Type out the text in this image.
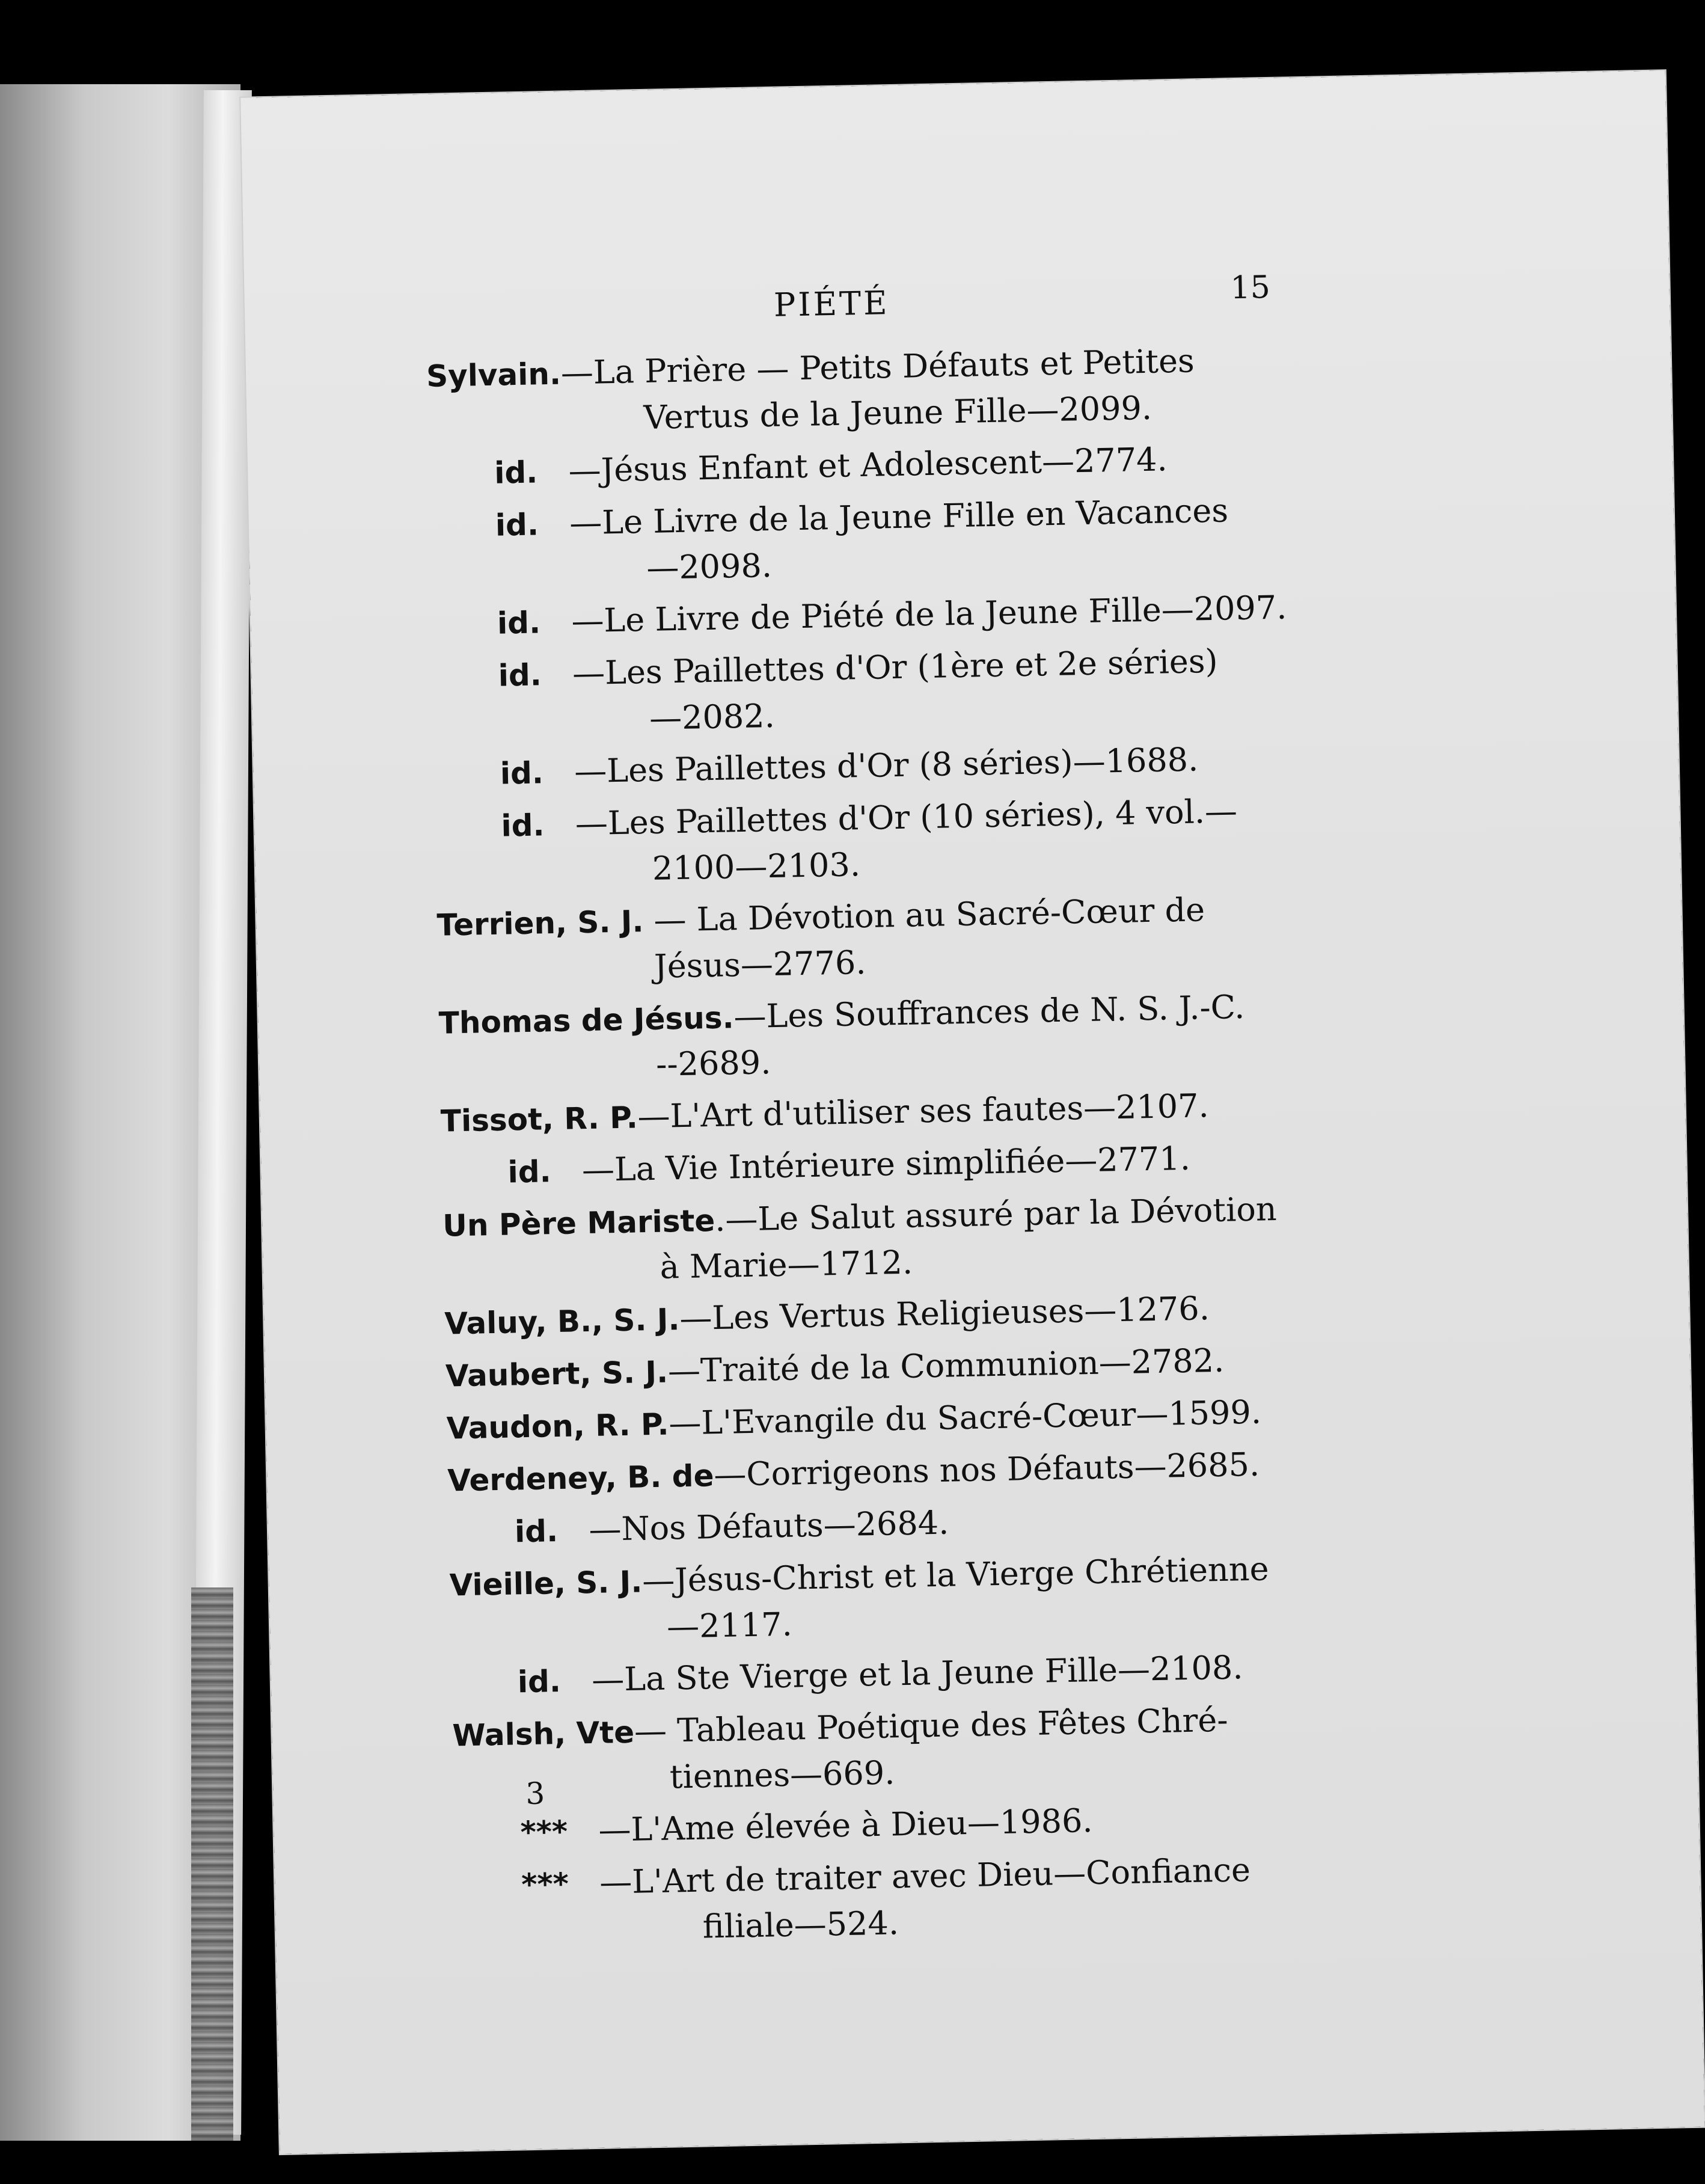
PIÉTÉ	15
Sylvain.—La Prière — Petits Défauts et Petites
Vertus de la Jeune Fille—2099.
id. —Jésus Enfant et Adolescent—2774.
id. —Le Livre de la Jeune Fille en Vacances
—2098.
id. —Le Livre de Piété de la Jeune Fille—2097.
id. —Les Paillettes d'Or (1ère et 2e séries)
—2082.
id. —Les Paillettes d'Or (8 séries)—1688.
id. —Les Paillettes d'Or (10 séries), 4 vol.—
2100—2103.
Terrien, S. J. — La Dévotion au Sacré-Cœur de
Jésus—2776.
Thomas de Jésus.—Les Souffrances de N. S. J.-C.
--2689.
Tissot, R. P.—L'Art d'utiliser ses fautes—2107.
id. —La Vie Intérieure simplifiée—2771.
Un Père Mariste.—Le Salut assuré par la Dévotion
à Marie—1712.
Valuy, B., S. J.—Les Vertus Religieuses—1276.
Vaubert, S. J.—Traité de la Communion—2782.
Vaudon, R. P.—L'Evangile du Sacré-Cœur—1599.
Verdeney, B. de—Corrigeons nos Défauts—2685.
id. —Nos Défauts—2684.
Vieille, S. J.—Jésus-Christ et la Vierge Chrétienne
—2117.
id. —La Ste Vierge et la Jeune Fille—2108.
Walsh, Vte— Tableau Poétique des Fêtes Chré-
tiennes—669.
*** —L'Ame élevée à Dieu—1986.
*** —L'Art de traiter avec Dieu—Confiance
filiale—524.
3
